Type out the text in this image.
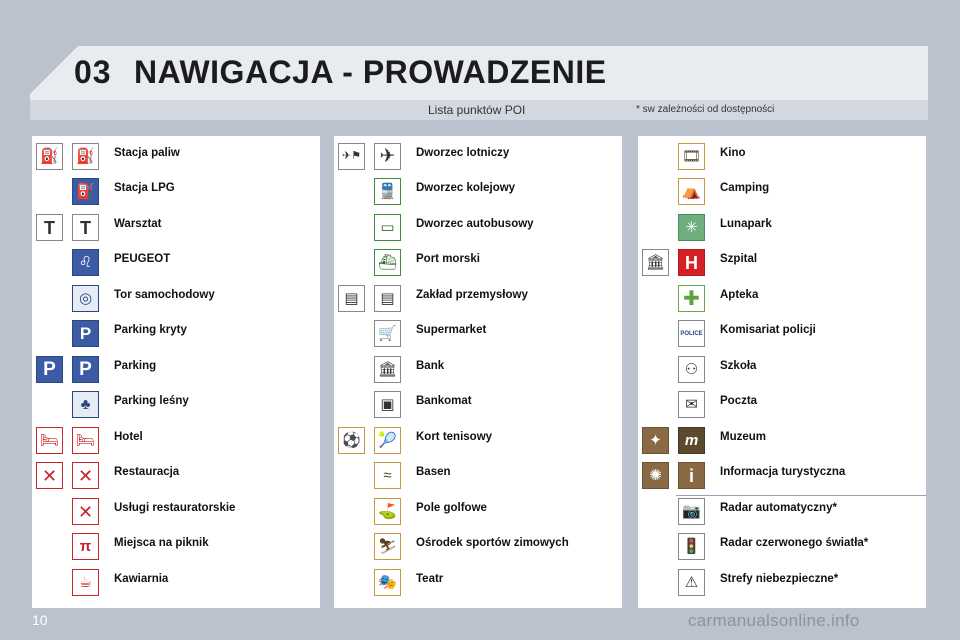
03 NAWIGACJA - PROWADZENIE
Lista punktów POI	* sw zależności od dostępności
⛽ ⛽	Stacja paliw
⛽	Stacja LPG
T	T	Warsztat
♌	PEUGEOT
◎	Tor samochodowy
P	Parking kryty
P	P	Parking
♣	Parking leśny
🛏 🛏	Hotel
✕	✕	Restauracja
✕	Usługi restauratorskie
π	Miejsca na piknik
☕	Kawiarnia
✈⚑ ✈	Dworzec lotniczy
🚆	Dworzec kolejowy
▭	Dworzec autobusowy
⛴	Port morski
▤	▤	Zakład przemysłowy
🛒	Supermarket
🏛	Bank
▣	Bankomat
⚽ 🎾	Kort tenisowy
≈	Basen
⛳	Pole golfowe
⛷	Ośrodek sportów zimowych
🎭	Teatr
🎞	Kino
⛺	Camping
✳	Lunapark
🏛	H	Szpital
✚	Apteka
POLICE Komisariat policji
⚇	Szkoła
✉	Poczta
✦	m	Muzeum
✺	i	Informacja turystyczna
📷	Radar automatyczny*
🚦	Radar czerwonego światła*
⚠	Strefy niebezpieczne*
10	carmanualsonline.info
